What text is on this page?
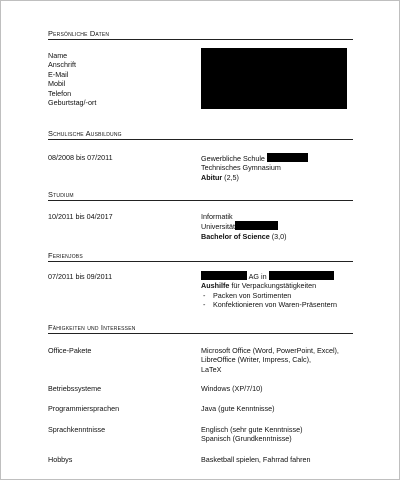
Persönliche Daten
Name
Anschrift
E-Mail
Mobil
Telefon
Geburtstag/-ort
Schulische Ausbildung
08/2008 bis 07/2011	Gewerbliche Schule
Technisches Gymnasium
Abitur (2,5)
Studium
10/2011 bis 04/2017	Informatik
Universität
Bachelor of Science (3,0)
Ferienjobs
07/2011 bis 09/2011	AG in
Aushilfe für Verpackungstätigkeiten
- Packen von Sortimenten
- Konfektionieren von Waren-Präsentern
Fähigkeiten und Interessen
Office-Pakete	Microsoft Office (Word, PowerPoint, Excel),
LibreOffice (Writer, Impress, Calc),
LaTeX
Betriebssysteme	Windows (XP/7/10)
Programmiersprachen	Java (gute Kenntnisse)
Sprachkenntnisse	Englisch (sehr gute Kenntnisse)
Spanisch (Grundkenntnisse)
Hobbys	Basketball spielen, Fahrrad fahren
